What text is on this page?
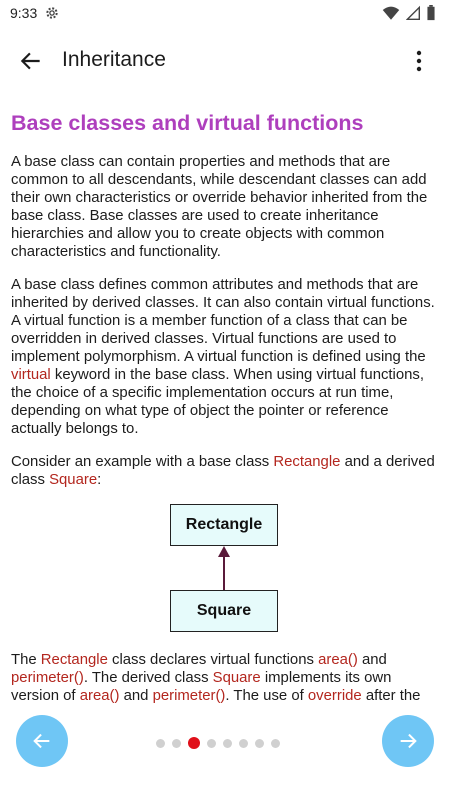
9:33
Inheritance
Base classes and virtual functions

A base class can contain properties and methods that are common to all descendants, while descendant classes can add their own characteristics or override behavior inherited from the base class. Base classes are used to create inheritance hierarchies and allow you to create objects with common characteristics and functionality.

A base class defines common attributes and methods that are inherited by derived classes. It can also contain virtual functions. A virtual function is a member function of a class that can be overridden in derived classes. Virtual functions are used to implement polymorphism. A virtual function is defined using the virtual keyword in the base class. When using virtual functions, the choice of a specific implementation occurs at run time, depending on what type of object the pointer or reference actually belongs to.

Consider an example with a base class Rectangle and a derived class Square:

Rectangle
Square

The Rectangle class declares virtual functions area() and perimeter(). The derived class Square implements its own version of area() and perimeter(). The use of override after the
